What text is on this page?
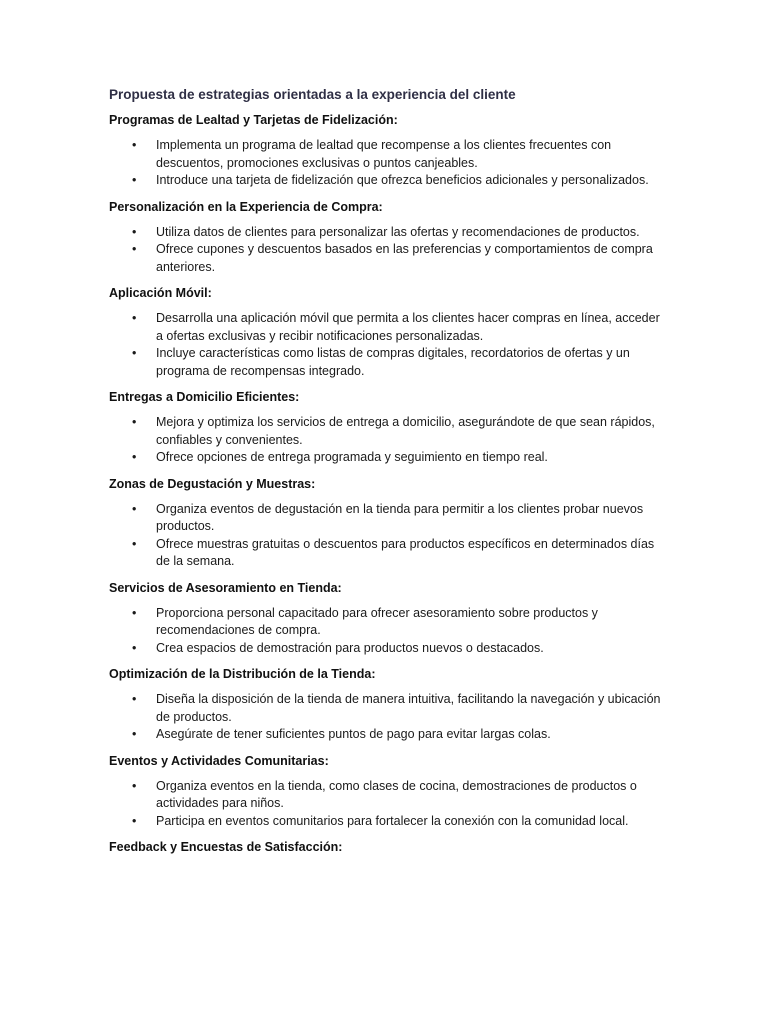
Propuesta de estrategias orientadas a la experiencia del cliente
Programas de Lealtad y Tarjetas de Fidelización:
• Implementa un programa de lealtad que recompense a los clientes frecuentes con descuentos, promociones exclusivas o puntos canjeables.
• Introduce una tarjeta de fidelización que ofrezca beneficios adicionales y personalizados.
Personalización en la Experiencia de Compra:
• Utiliza datos de clientes para personalizar las ofertas y recomendaciones de productos.
• Ofrece cupones y descuentos basados en las preferencias y comportamientos de compra anteriores.
Aplicación Móvil:
• Desarrolla una aplicación móvil que permita a los clientes hacer compras en línea, acceder a ofertas exclusivas y recibir notificaciones personalizadas.
• Incluye características como listas de compras digitales, recordatorios de ofertas y un programa de recompensas integrado.
Entregas a Domicilio Eficientes:
• Mejora y optimiza los servicios de entrega a domicilio, asegurándote de que sean rápidos, confiables y convenientes.
• Ofrece opciones de entrega programada y seguimiento en tiempo real.
Zonas de Degustación y Muestras:
• Organiza eventos de degustación en la tienda para permitir a los clientes probar nuevos productos.
• Ofrece muestras gratuitas o descuentos para productos específicos en determinados días de la semana.
Servicios de Asesoramiento en Tienda:
• Proporciona personal capacitado para ofrecer asesoramiento sobre productos y recomendaciones de compra.
• Crea espacios de demostración para productos nuevos o destacados.
Optimización de la Distribución de la Tienda:
• Diseña la disposición de la tienda de manera intuitiva, facilitando la navegación y ubicación de productos.
• Asegúrate de tener suficientes puntos de pago para evitar largas colas.
Eventos y Actividades Comunitarias:
• Organiza eventos en la tienda, como clases de cocina, demostraciones de productos o actividades para niños.
• Participa en eventos comunitarios para fortalecer la conexión con la comunidad local.
Feedback y Encuestas de Satisfacción:
